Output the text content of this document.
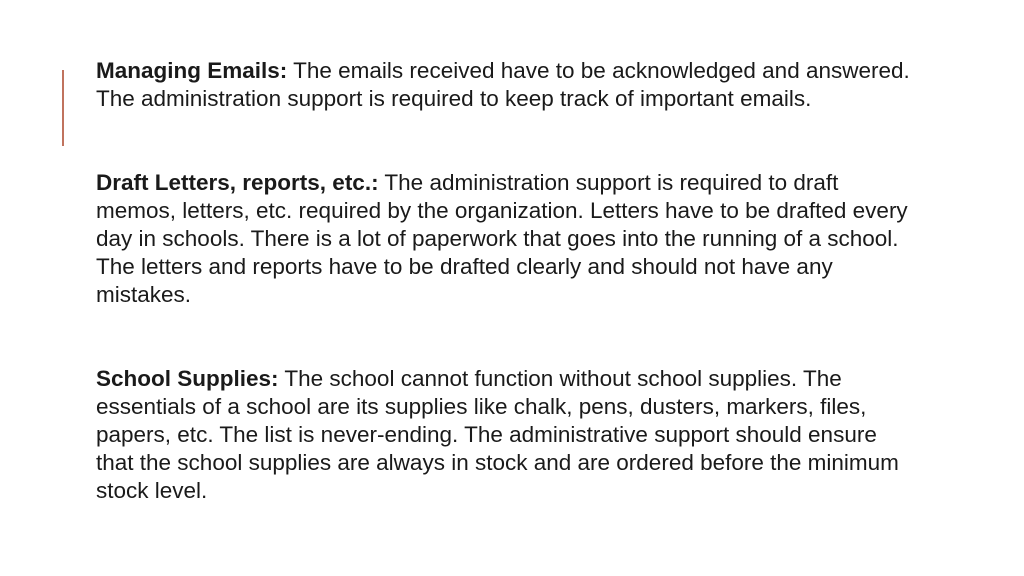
Managing Emails: The emails received have to be acknowledged and answered. The administration support is required to keep track of important emails.

Draft Letters, reports, etc.: The administration support is required to draft memos, letters, etc. required by the organization. Letters have to be drafted every day in schools. There is a lot of paperwork that goes into the running of a school. The letters and reports have to be drafted clearly and should not have any mistakes.

School Supplies: The school cannot function without school supplies. The essentials of a school are its supplies like chalk, pens, dusters, markers, files, papers, etc. The list is never-ending. The administrative support should ensure that the school supplies are always in stock and are ordered before the minimum stock level.
